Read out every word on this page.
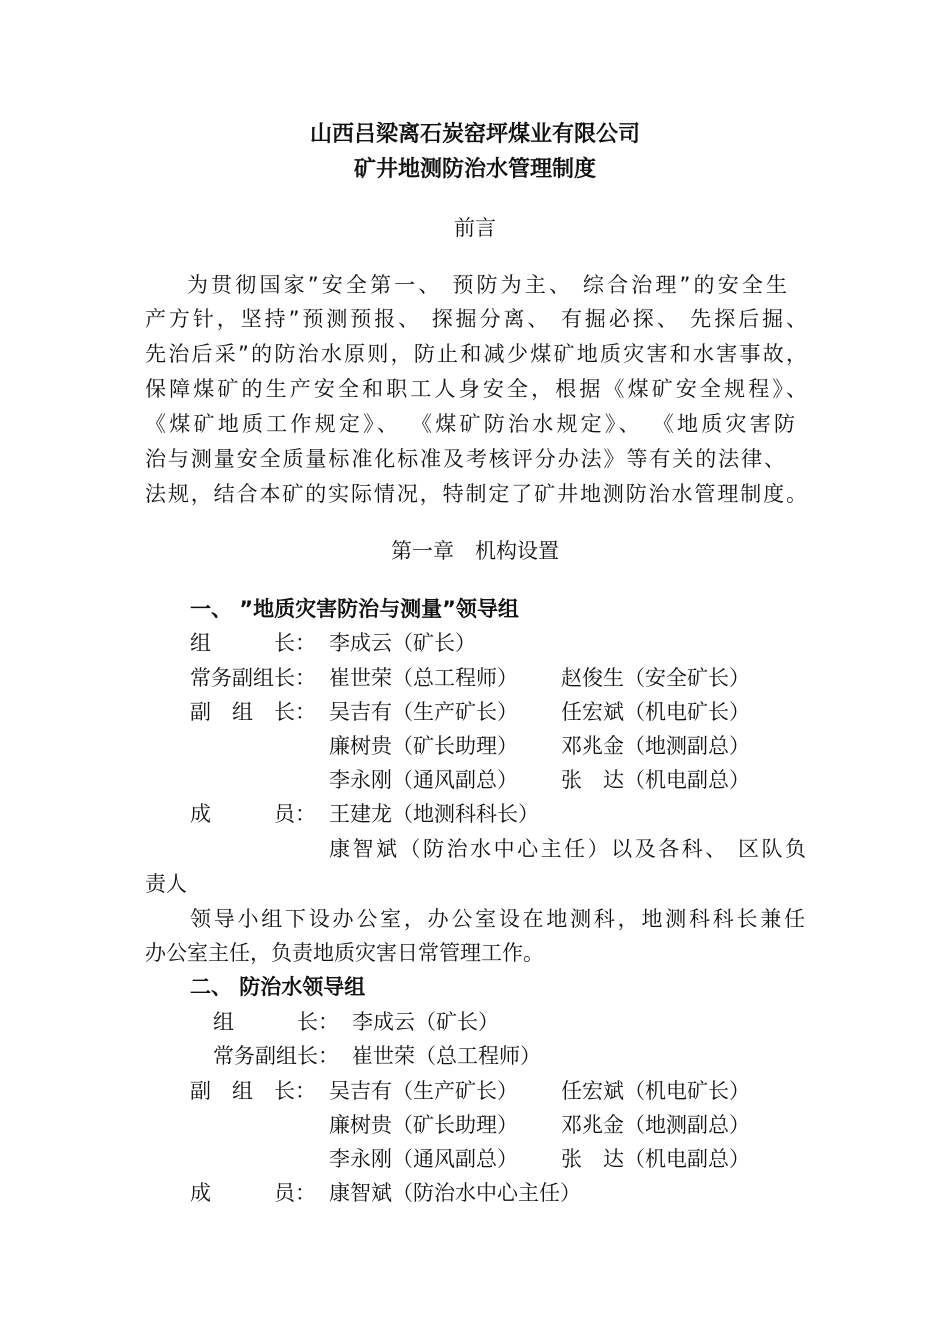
山西吕梁离石炭窑坪煤业有限公司
矿井地测防治水管理制度
前言
为贯彻国家”安全第一、 预防为主、 综合治理”的安全生
产方针，坚持”预测预报、 探掘分离、 有掘必探、 先探后掘、
先治后采”的防治水原则，防止和减少煤矿地质灾害和水害事故，
保障煤矿的生产安全和职工人身安全，根据《煤矿安全规程》、
《煤矿地质工作规定》、 《煤矿防治水规定》、 《地质灾害防
治与测量安全质量标准化标准及考核评分办法》等有关的法律、
法规，结合本矿的实际情况，特制定了矿井地测防治水管理制度。
第一章　机构设置
一、 ”地质灾害防治与测量”领导组

组　　　长：

李成云（矿长）

常务副组长：

崔世荣（总工程师）

赵俊生（安全矿长）

副　组　长：

吴吉有（生产矿长）

任宏斌（机电矿长）

廉树贵（矿长助理）

邓兆金（地测副总）

李永刚（通风副总）

张　达（机电副总）

成　　　员：

王建龙（地测科科长）

康智斌（防治水中心主任）以及各科、 区队负
责人
领导小组下设办公室，办公室设在地测科，地测科科长兼任
办公室主任，负责地质灾害日常管理工作。
二、 防治水领导组

组　　　长：

李成云（矿长）

常务副组长：

崔世荣（总工程师）

副　组　长：

吴吉有（生产矿长）

任宏斌（机电矿长）

廉树贵（矿长助理）

邓兆金（地测副总）

李永刚（通风副总）

张　达（机电副总）

成　　　员：

康智斌（防治水中心主任）
